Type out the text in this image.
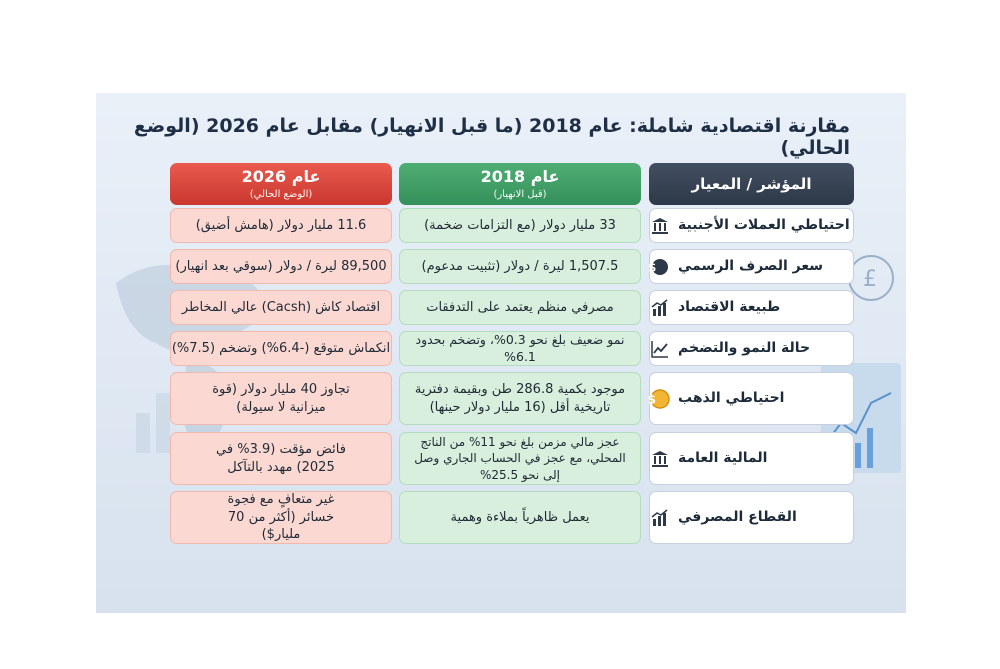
£
مقارنة اقتصادية شاملة: عام 2018 (ما قبل الانهيار) مقابل عام 2026 (الوضع الحالي)
المؤشر / المعيار
عام 2018
(قبل الانهيار)
عام 2026
(الوضع الحالي)
احتياطي العملات الأجنبية
33 مليار دولار (مع التزامات ضخمة)
11.6 مليار دولار (هامش أضيق)
سعر الصرف الرسمي
$
1,507.5 ليرة / دولار (تثبيت مدعوم)
89,500 ليرة / دولار (سوقي بعد انهيار)
طبيعة الاقتصاد
مصرفي منظم يعتمد على التدفقات
اقتصاد كاش (Cacsh) عالي المخاطر
حالة النمو والتضخم
نمو ضعيف بلغ نحو 0.3%، وتضخم بحدود 6.1%
انكماش متوقع (-6.4%) وتضخم (7.5%)
احتياطي الذهب
$
موجود بكمية 286.8 طن وبقيمة دفترية تاريخية أقل (16 مليار دولار حينها)
تجاوز 40 مليار دولار (قوة ميزانية لا سيولة)
المالية العامة
عجز مالي مزمن بلغ نحو 11% من الناتج المحلي، مع عجز في الحساب الجاري وصل إلى نحو 25.5%
فائض مؤقت (3.9% في 2025) مهدد بالتآكل
القطاع المصرفي
يعمل ظاهرياً بملاءة وهمية
غير متعافٍ مع فجوة خسائر (أكثر من 70 مليار$)
